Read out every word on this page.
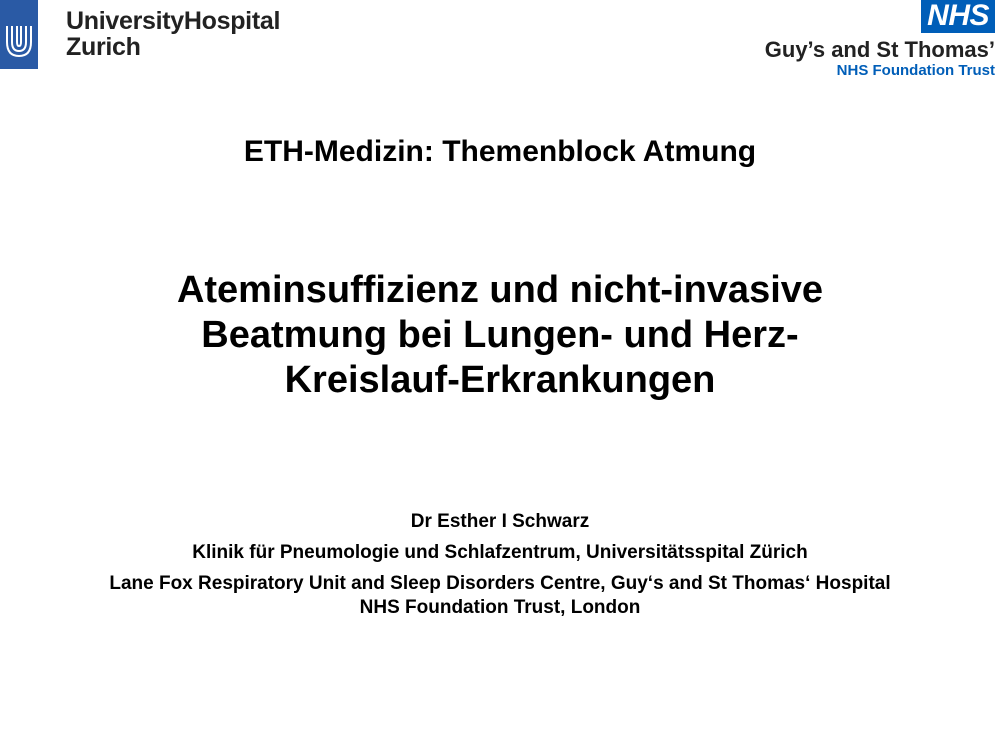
UniversityHospital
Zurich
NHS
Guy’s and St Thomas’
NHS Foundation Trust
ETH-Medizin: Themenblock Atmung
Ateminsuffizienz und nicht-invasive
Beatmung bei Lungen- und Herz-
Kreislauf-Erkrankungen
Dr Esther I Schwarz
Klinik für Pneumologie und Schlafzentrum, Universitätsspital Zürich
Lane Fox Respiratory Unit and Sleep Disorders Centre, Guy‘s and St Thomas‘ Hospital
NHS Foundation Trust, London
